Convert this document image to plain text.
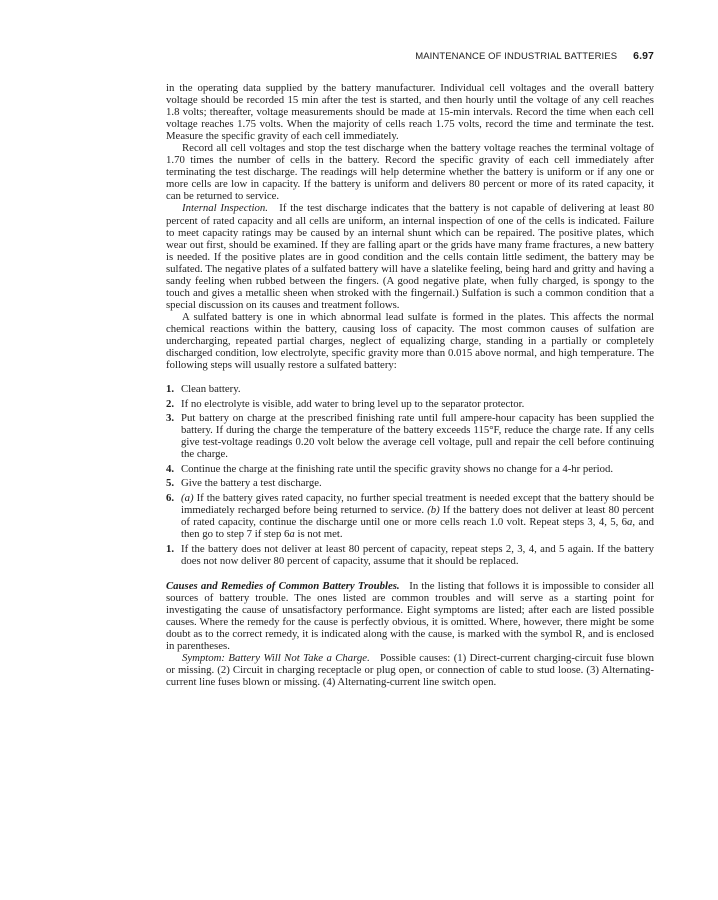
MAINTENANCE OF INDUSTRIAL BATTERIES 6.97

in the operating data supplied by the battery manufacturer. Individual cell voltages and the overall battery voltage should be recorded 15 min after the test is started, and then hourly until the voltage of any cell reaches 1.8 volts; thereafter, voltage measurements should be made at 15-min intervals. Record the time when each cell voltage reaches 1.75 volts. When the majority of cells reach 1.75 volts, record the time and terminate the test. Measure the specific gravity of each cell immediately.

Record all cell voltages and stop the test discharge when the battery voltage reaches the terminal voltage of 1.70 times the number of cells in the battery. Record the specific gravity of each cell immediately after terminating the test discharge. The readings will help determine whether the battery is uniform or if any one or more cells are low in capacity. If the battery is uniform and delivers 80 percent or more of its rated capacity, it can be returned to service.

Internal Inspection. If the test discharge indicates that the battery is not capable of delivering at least 80 percent of rated capacity and all cells are uniform, an internal inspection of one of the cells is indicated. Failure to meet capacity ratings may be caused by an internal shunt which can be repaired. The positive plates, which wear out first, should be examined. If they are falling apart or the grids have many frame fractures, a new battery is needed. If the positive plates are in good condition and the cells contain little sediment, the battery may be sulfated. The negative plates of a sulfated battery will have a slatelike feeling, being hard and gritty and having a sandy feeling when rubbed between the fingers. (A good negative plate, when fully charged, is spongy to the touch and gives a metallic sheen when stroked with the fingernail.) Sulfation is such a common condition that a special discussion on its causes and treatment follows.

A sulfated battery is one in which abnormal lead sulfate is formed in the plates. This affects the normal chemical reactions within the battery, causing loss of capacity. The most common causes of sulfation are undercharging, repeated partial charges, neglect of equalizing charge, standing in a partially or completely discharged condition, low electrolyte, specific gravity more than 0.015 above normal, and high temperature. The following steps will usually restore a sulfated battery:

1. Clean battery.
2. If no electrolyte is visible, add water to bring level up to the separator protector.
3. Put battery on charge at the prescribed finishing rate until full ampere-hour capacity has been supplied the battery. If during the charge the temperature of the battery exceeds 115°F, reduce the charge rate. If any cells give test-voltage readings 0.20 volt below the average cell voltage, pull and repair the cell before continuing the charge.
4. Continue the charge at the finishing rate until the specific gravity shows no change for a 4-hr period.
5. Give the battery a test discharge.
6. (a) If the battery gives rated capacity, no further special treatment is needed except that the battery should be immediately recharged before being returned to service. (b) If the battery does not deliver at least 80 percent of rated capacity, continue the discharge until one or more cells reach 1.0 volt. Repeat steps 3, 4, 5, 6a, and then go to step 7 if step 6a is not met.
1. If the battery does not deliver at least 80 percent of capacity, repeat steps 2, 3, 4, and 5 again. If the battery does not now deliver 80 percent of capacity, assume that it should be replaced.

Causes and Remedies of Common Battery Troubles. In the listing that follows it is impossible to consider all sources of battery trouble. The ones listed are common troubles and will serve as a starting point for investigating the cause of unsatisfactory performance. Eight symptoms are listed; after each are listed possible causes. Where the remedy for the cause is perfectly obvious, it is omitted. Where, however, there might be some doubt as to the correct remedy, it is indicated along with the cause, is marked with the symbol R, and is enclosed in parentheses.

Symptom: Battery Will Not Take a Charge. Possible causes: (1) Direct-current charging-circuit fuse blown or missing. (2) Circuit in charging receptacle or plug open, or connection of cable to stud loose. (3) Alternating-current line fuses blown or missing. (4) Alternating-current line switch open.
